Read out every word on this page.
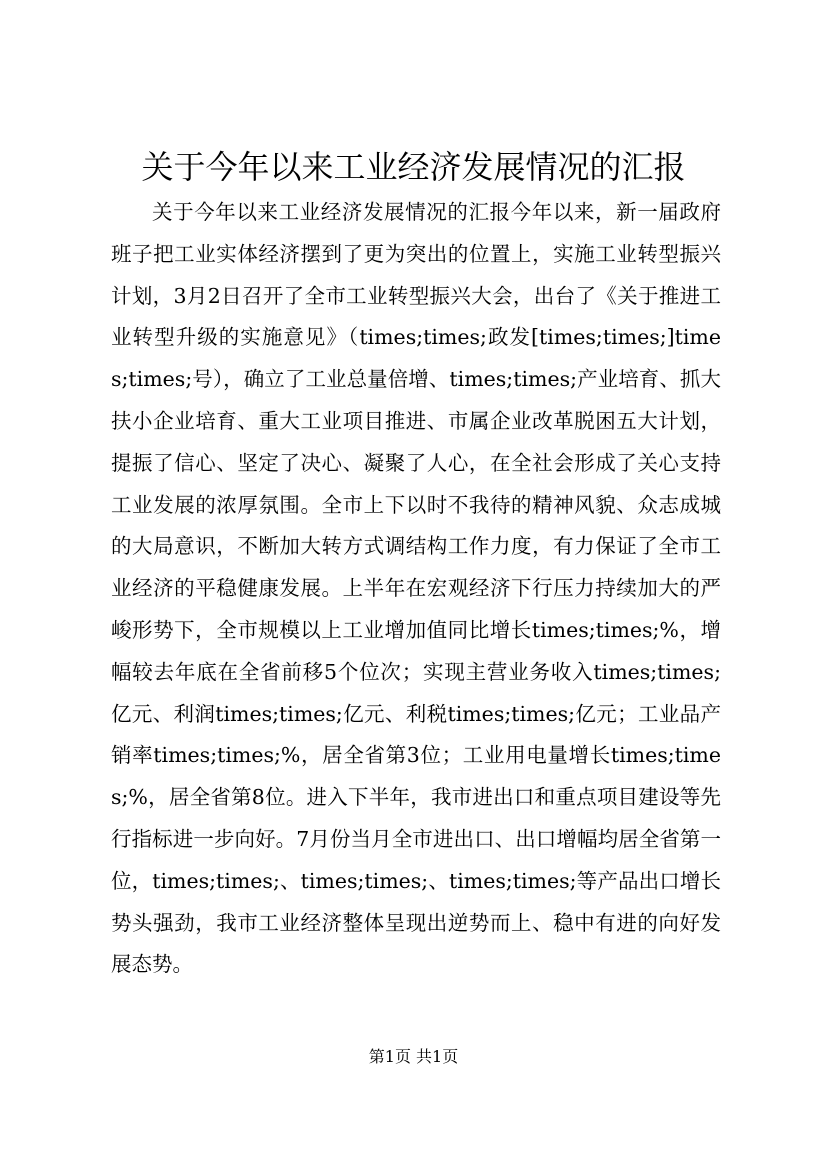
关于今年以来工业经济发展情况的汇报

关于今年以来工业经济发展情况的汇报今年以来，新一届政府班子把工业实体经济摆到了更为突出的位置上，实施工业转型振兴计划，3月2日召开了全市工业转型振兴大会，出台了《关于推进工业转型升级的实施意见》（times;times;政发[times;times;]times;times;号），确立了工业总量倍增、times;times;产业培育、抓大扶小企业培育、重大工业项目推进、市属企业改革脱困五大计划，提振了信心、坚定了决心、凝聚了人心，在全社会形成了关心支持工业发展的浓厚氛围。全市上下以时不我待的精神风貌、众志成城的大局意识，不断加大转方式调结构工作力度，有力保证了全市工业经济的平稳健康发展。上半年在宏观经济下行压力持续加大的严峻形势下，全市规模以上工业增加值同比增长times;times;%，增幅较去年底在全省前移5个位次；实现主营业务收入times;times;亿元、利润times;times;亿元、利税times;times;亿元；工业品产销率times;times;%，居全省第3位；工业用电量增长times;times;%，居全省第8位。进入下半年，我市进出口和重点项目建设等先行指标进一步向好。7月份当月全市进出口、出口增幅均居全省第一位，times;times;、times;times;、times;times;等产品出口增长势头强劲，我市工业经济整体呈现出逆势而上、稳中有进的向好发展态势。

第1页 共1页
